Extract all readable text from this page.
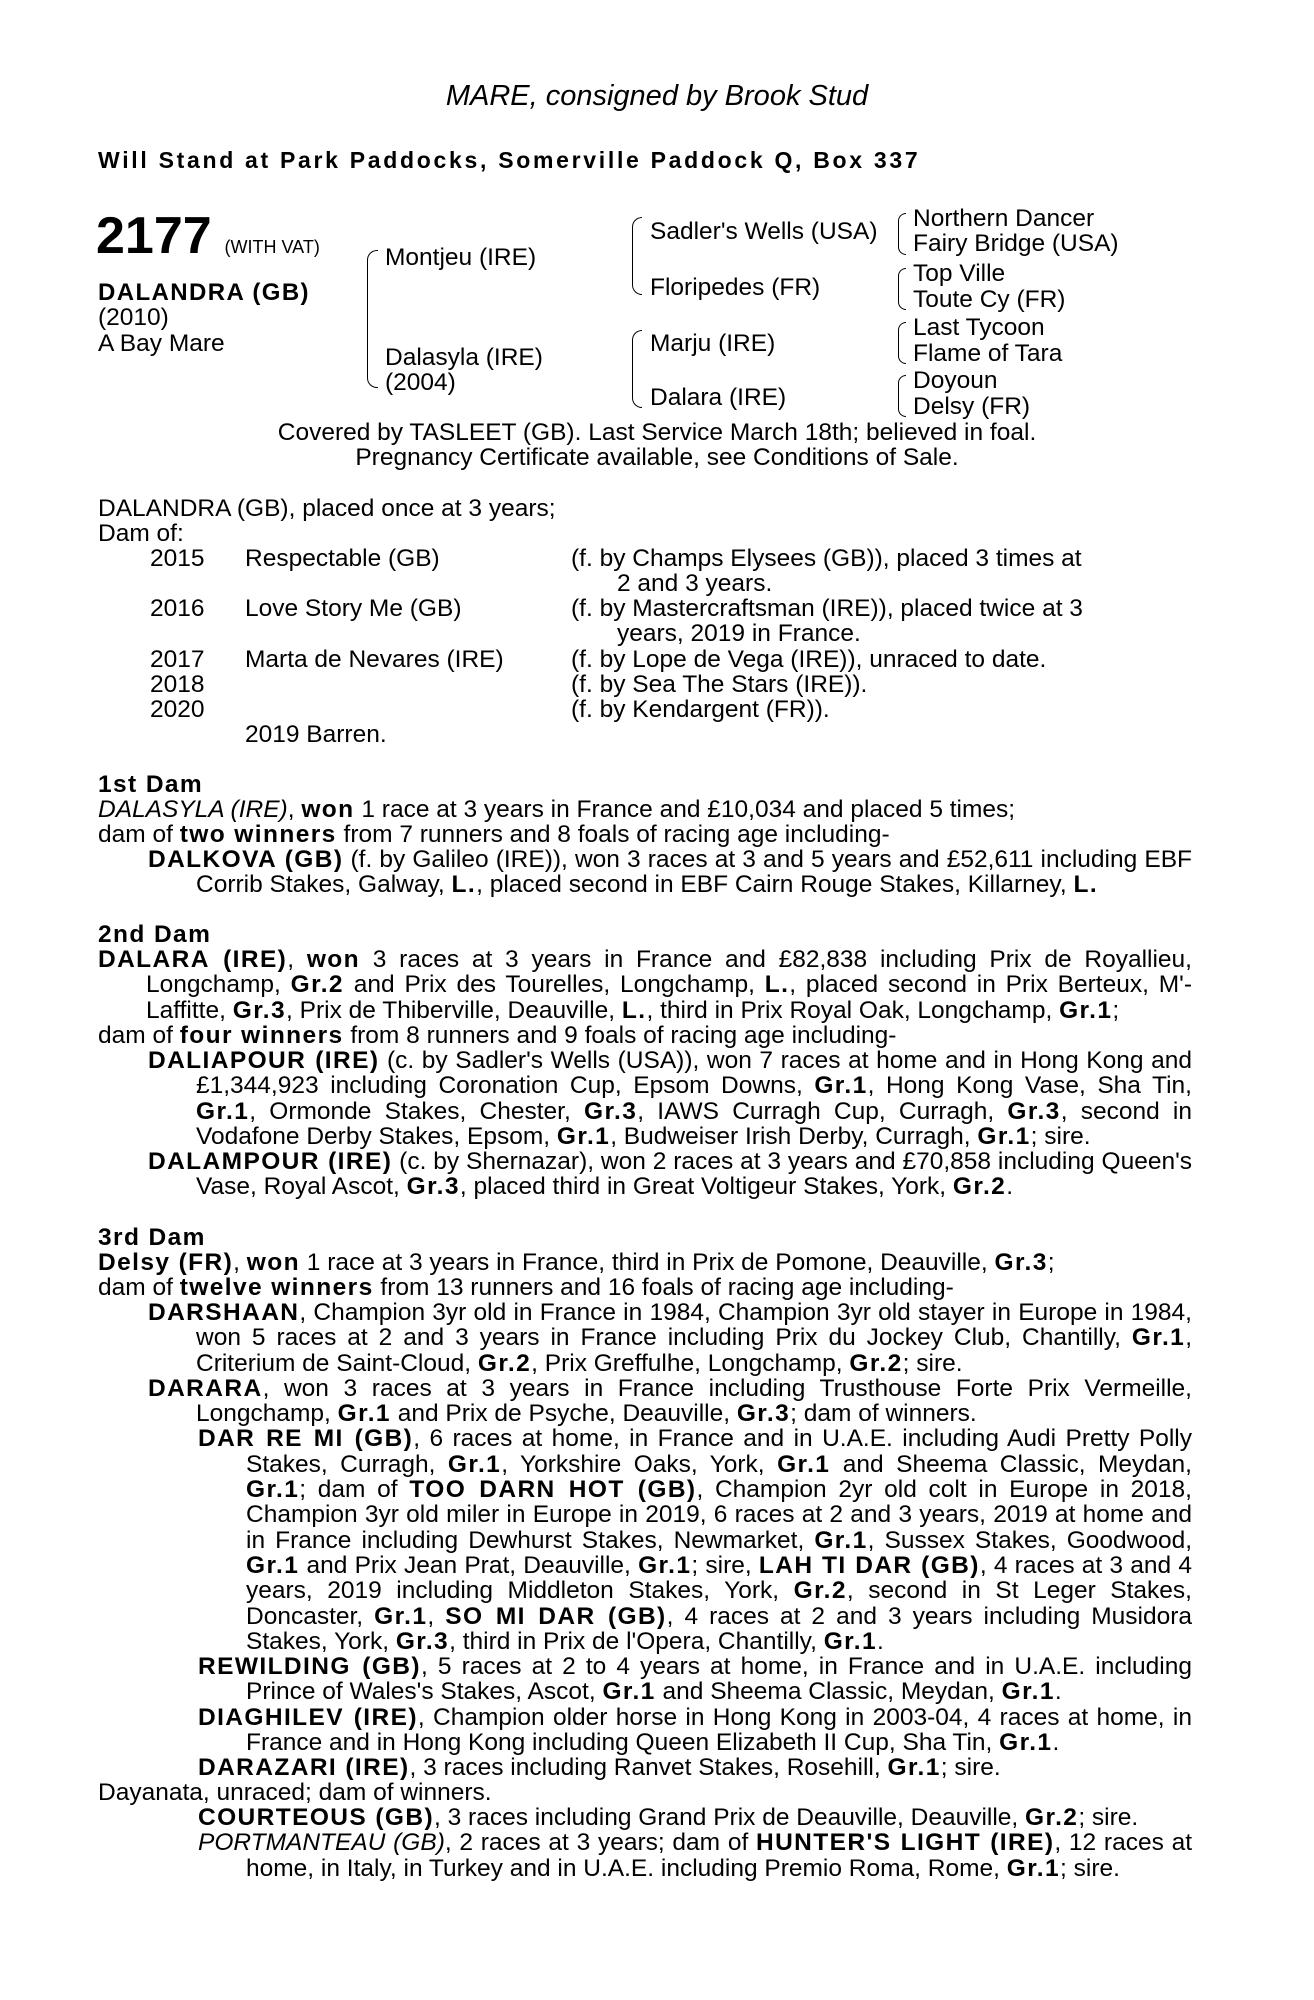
MARE, consigned by Brook Stud
Will Stand at Park Paddocks, Somerville Paddock Q, Box 337
2177 (WITH VAT)
DALANDRA (GB)
(2010)
A Bay Mare
Montjeu (IRE)
Dalasyla (IRE)
(2004)
Sadler's Wells (USA)
Floripedes (FR)
Marju (IRE)
Dalara (IRE)
Northern Dancer
Fairy Bridge (USA)
Top Ville
Toute Cy (FR)
Last Tycoon
Flame of Tara
Doyoun
Delsy (FR)
Covered by TASLEET (GB). Last Service March 18th; believed in foal.
Pregnancy Certificate available, see Conditions of Sale.
DALANDRA (GB), placed once at 3 years;
Dam of:
2015 Respectable (GB)	(f. by Champs Elysees (GB)), placed 3 times at
2 and 3 years.
2016 Love Story Me (GB)	(f. by Mastercraftsman (IRE)), placed twice at 3
years, 2019 in France.
2017 Marta de Nevares (IRE)	(f. by Lope de Vega (IRE)), unraced to date.
2018	(f. by Sea The Stars (IRE)).
2020	(f. by Kendargent (FR)).
2019 Barren.
1st Dam
DALASYLA (IRE), won 1 race at 3 years in France and £10,034 and placed 5 times;
dam of two winners from 7 runners and 8 foals of racing age including-
DALKOVA (GB) (f. by Galileo (IRE)), won 3 races at 3 and 5 years and £52,611 including EBF Corrib Stakes, Galway, L., placed second in EBF Cairn Rouge Stakes, Killarney, L.
2nd Dam
DALARA (IRE), won 3 races at 3 years in France and £82,838 including Prix de Royallieu, Longchamp, Gr.2 and Prix des Tourelles, Longchamp, L., placed second in Prix Berteux, M'-Laffitte, Gr.3, Prix de Thiberville, Deauville, L., third in Prix Royal Oak, Longchamp, Gr.1;
dam of four winners from 8 runners and 9 foals of racing age including-
DALIAPOUR (IRE) (c. by Sadler's Wells (USA)), won 7 races at home and in Hong Kong and £1,344,923 including Coronation Cup, Epsom Downs, Gr.1, Hong Kong Vase, Sha Tin, Gr.1, Ormonde Stakes, Chester, Gr.3, IAWS Curragh Cup, Curragh, Gr.3, second in Vodafone Derby Stakes, Epsom, Gr.1, Budweiser Irish Derby, Curragh, Gr.1; sire.
DALAMPOUR (IRE) (c. by Shernazar), won 2 races at 3 years and £70,858 including Queen's Vase, Royal Ascot, Gr.3, placed third in Great Voltigeur Stakes, York, Gr.2.
3rd Dam
Delsy (FR), won 1 race at 3 years in France, third in Prix de Pomone, Deauville, Gr.3;
dam of twelve winners from 13 runners and 16 foals of racing age including-
DARSHAAN, Champion 3yr old in France in 1984, Champion 3yr old stayer in Europe in 1984, won 5 races at 2 and 3 years in France including Prix du Jockey Club, Chantilly, Gr.1, Criterium de Saint-Cloud, Gr.2, Prix Greffulhe, Longchamp, Gr.2; sire.
DARARA, won 3 races at 3 years in France including Trusthouse Forte Prix Vermeille, Longchamp, Gr.1 and Prix de Psyche, Deauville, Gr.3; dam of winners.
DAR RE MI (GB), 6 races at home, in France and in U.A.E. including Audi Pretty Polly Stakes, Curragh, Gr.1, Yorkshire Oaks, York, Gr.1 and Sheema Classic, Meydan, Gr.1; dam of TOO DARN HOT (GB), Champion 2yr old colt in Europe in 2018, Champion 3yr old miler in Europe in 2019, 6 races at 2 and 3 years, 2019 at home and in France including Dewhurst Stakes, Newmarket, Gr.1, Sussex Stakes, Goodwood, Gr.1 and Prix Jean Prat, Deauville, Gr.1; sire, LAH TI DAR (GB), 4 races at 3 and 4 years, 2019 including Middleton Stakes, York, Gr.2, second in St Leger Stakes, Doncaster, Gr.1, SO MI DAR (GB), 4 races at 2 and 3 years including Musidora Stakes, York, Gr.3, third in Prix de l'Opera, Chantilly, Gr.1.
REWILDING (GB), 5 races at 2 to 4 years at home, in France and in U.A.E. including Prince of Wales's Stakes, Ascot, Gr.1 and Sheema Classic, Meydan, Gr.1.
DIAGHILEV (IRE), Champion older horse in Hong Kong in 2003-04, 4 races at home, in France and in Hong Kong including Queen Elizabeth II Cup, Sha Tin, Gr.1.
DARAZARI (IRE), 3 races including Ranvet Stakes, Rosehill, Gr.1; sire.
Dayanata, unraced; dam of winners.
COURTEOUS (GB), 3 races including Grand Prix de Deauville, Deauville, Gr.2; sire.
PORTMANTEAU (GB), 2 races at 3 years; dam of HUNTER'S LIGHT (IRE), 12 races at home, in Italy, in Turkey and in U.A.E. including Premio Roma, Rome, Gr.1; sire.
